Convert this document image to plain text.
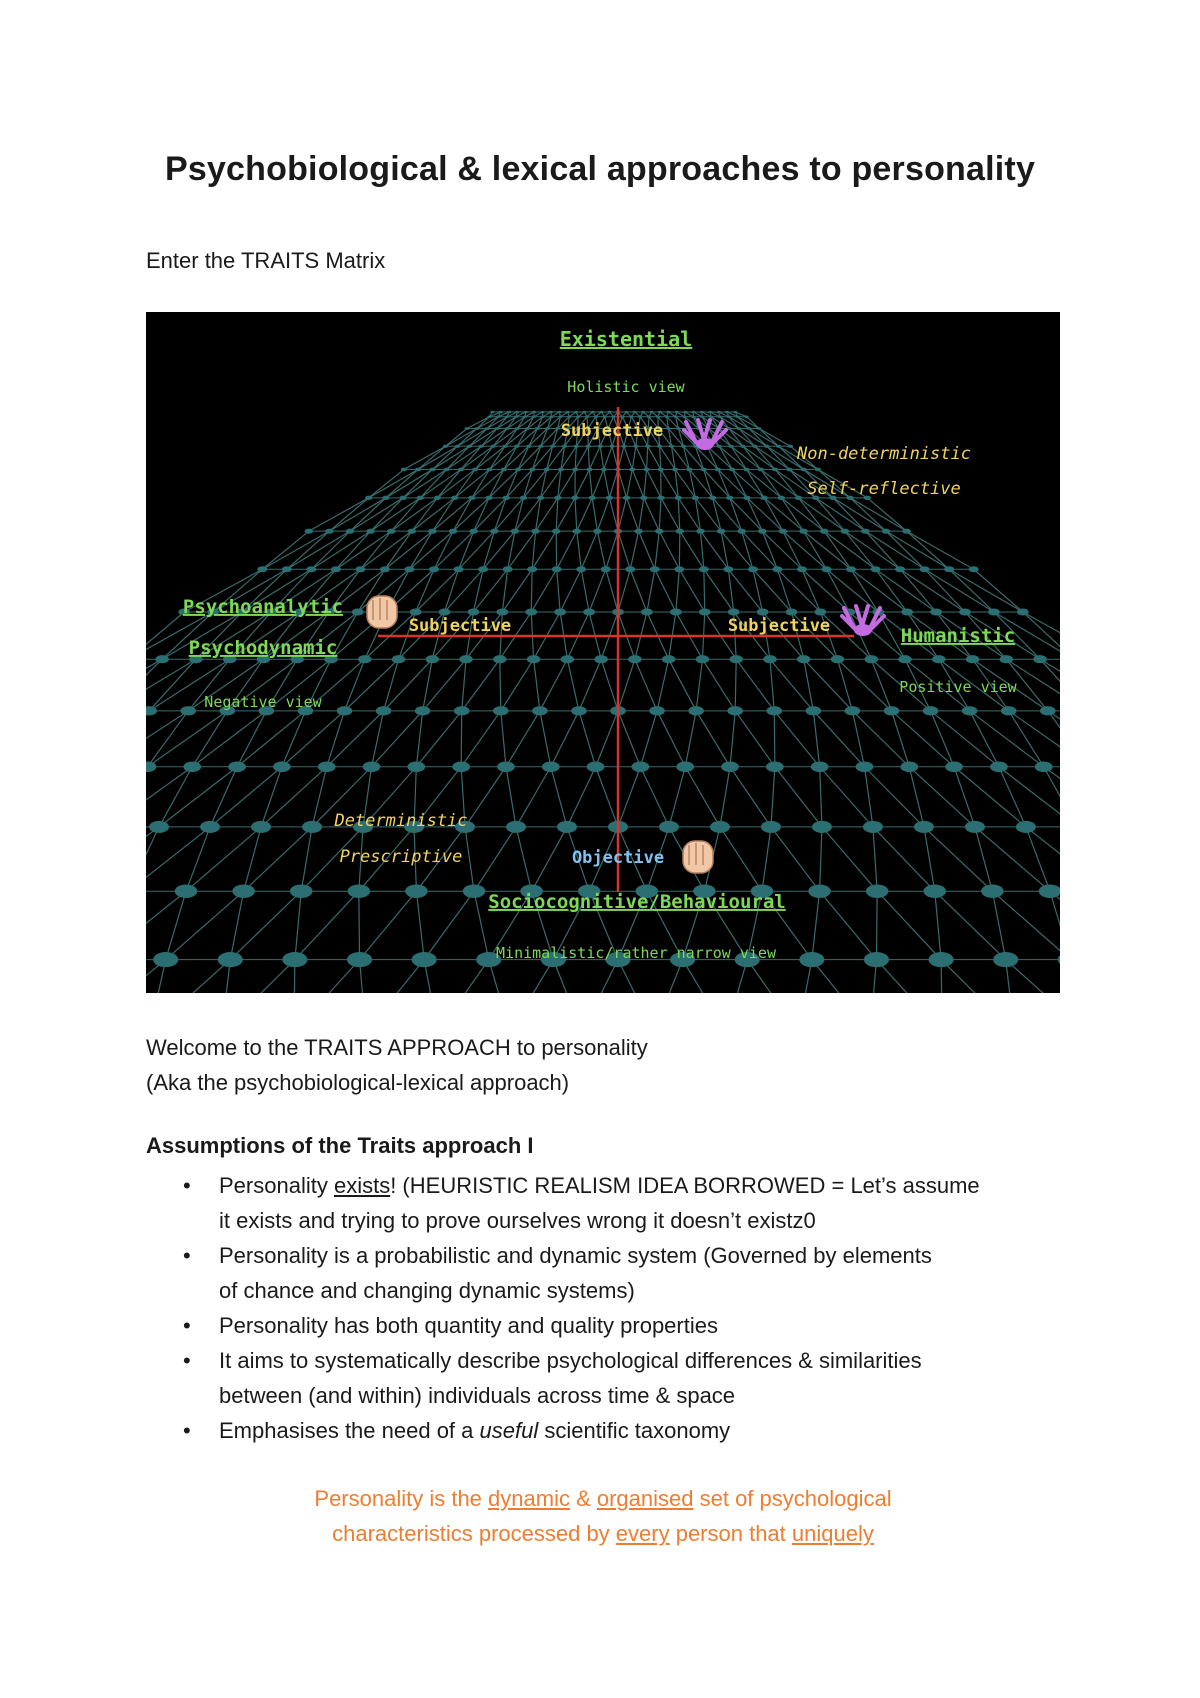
Psychobiological & lexical approaches to personality

Enter the TRAITS Matrix

Existential
Holistic view
Subjective
Non-deterministic
Self-reflective
Psychoanalytic
Psychodynamic
Negative view
Subjective	Subjective	Humanistic
Positive view
Deterministic
Prescriptive	Objective
Sociocognitive/Behavioural
Minimalistic/rather narrow view

Welcome to the TRAITS APPROACH to personality
(Aka the psychobiological-lexical approach)

Assumptions of the Traits approach I

• Personality exists! (HEURISTIC REALISM IDEA BORROWED = Let’s assume
it exists and trying to prove ourselves wrong it doesn’t existz0
• Personality is a probabilistic and dynamic system (Governed by elements
of chance and changing dynamic systems)
• Personality has both quantity and quality properties
• It aims to systematically describe psychological differences & similarities
between (and within) individuals across time & space
• Emphasises the need of a useful scientific taxonomy

Personality is the dynamic & organised set of psychological
characteristics processed by every person that uniquely
